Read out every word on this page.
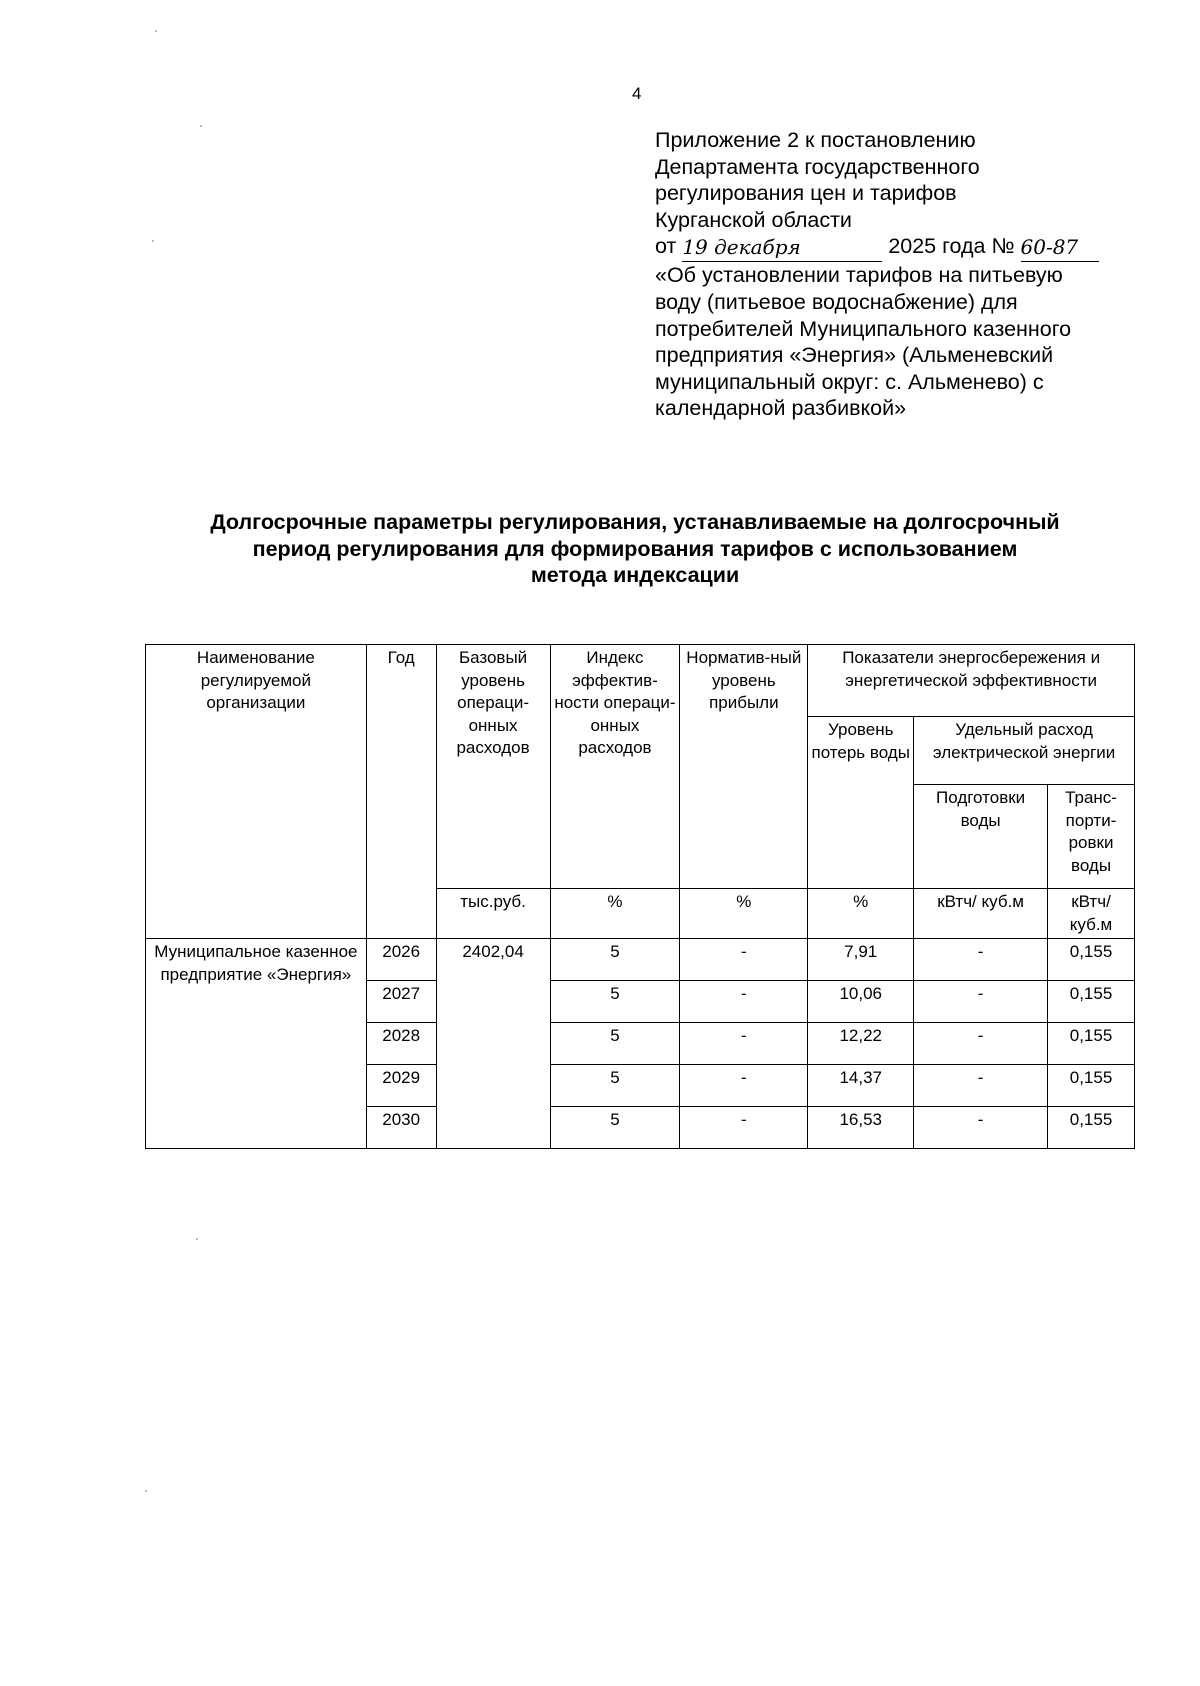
4

Приложение 2 к постановлению

Департамента государственного

регулирования цен и тарифов

Курганской области

от 19 декабря	2025 года № 60-87

«Об установлении тарифов на питьевую

воду (питьевое водоснабжение) для

потребителей Муниципального казенного

предприятия «Энергия» (Альменевский

муниципальный округ: с. Альменево) с

календарной разбивкой»

Долгосрочные параметры регулирования, устанавливаемые на долгосрочный

период регулирования для формирования тарифов с использованием

метода индексации

Наименование регулируемой организации	Год	Базовый уровень операци-онных расходов	Индекс эффектив-ности операци-онных расходов	Норматив-ный уровень прибыли	Показатели энергосбережения и энергетической эффективности		
					Уровень потерь воды	Удельный расход электрической энергии	
						Подготовки воды	Транс-порти-ровки воды
		тыс.руб.	%	%	%	кВтч/ куб.м	кВтч/ куб.м
Муниципальное казенное предприятие «Энергия»	2026	2402,04	5	-	7,91	-	0,155
	2027		5	-	10,06	-	0,155
	2028		5	-	12,22	-	0,155
	2029		5	-	14,37	-	0,155
	2030		5	-	16,53	-	0,155
